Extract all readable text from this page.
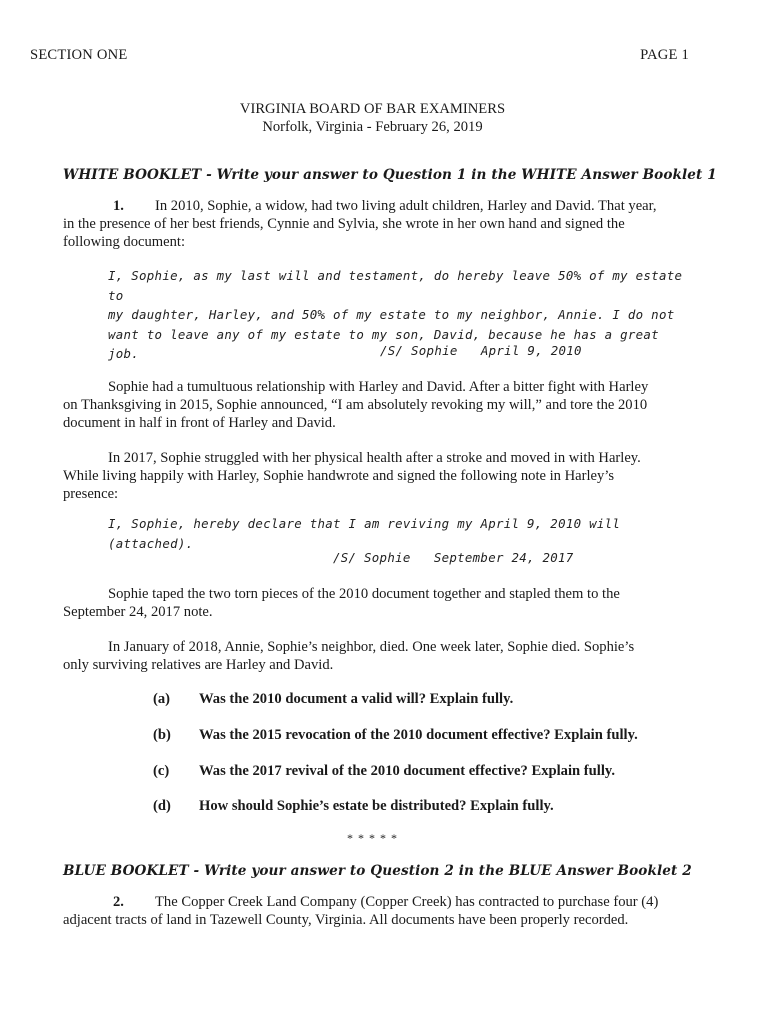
SECTION ONE	PAGE 1
VIRGINIA BOARD OF BAR EXAMINERS
Norfolk, Virginia - February 26, 2019
WHITE BOOKLET - Write your answer to Question 1 in the WHITE Answer Booklet 1
1. In 2010, Sophie, a widow, had two living adult children, Harley and David. That year,
in the presence of her best friends, Cynnie and Sylvia, she wrote in her own hand and signed the
following document:
I, Sophie, as my last will and testament, do hereby leave 50% of my estate to
my daughter, Harley, and 50% of my estate to my neighbor, Annie. I do not
want to leave any of my estate to my son, David, because he has a great job.	/S/ Sophie   April 9, 2010
Sophie had a tumultuous relationship with Harley and David. After a bitter fight with Harley
on Thanksgiving in 2015, Sophie announced, “I am absolutely revoking my will,” and tore the 2010
document in half in front of Harley and David.
In 2017, Sophie struggled with her physical health after a stroke and moved in with Harley.
While living happily with Harley, Sophie handwrote and signed the following note in Harley’s
presence:
I, Sophie, hereby declare that I am reviving my April 9, 2010 will (attached).
/S/ Sophie   September 24, 2017
Sophie taped the two torn pieces of the 2010 document together and stapled them to the
September 24, 2017 note.
In January of 2018, Annie, Sophie’s neighbor, died. One week later, Sophie died. Sophie’s
only surviving relatives are Harley and David.
(a) Was the 2010 document a valid will? Explain fully.
(b) Was the 2015 revocation of the 2010 document effective? Explain fully.
(c) Was the 2017 revival of the 2010 document effective? Explain fully.
(d) How should Sophie’s estate be distributed? Explain fully.
* * * * *
BLUE BOOKLET - Write your answer to Question 2 in the BLUE Answer Booklet 2
2. The Copper Creek Land Company (Copper Creek) has contracted to purchase four (4)
adjacent tracts of land in Tazewell County, Virginia. All documents have been properly recorded.
